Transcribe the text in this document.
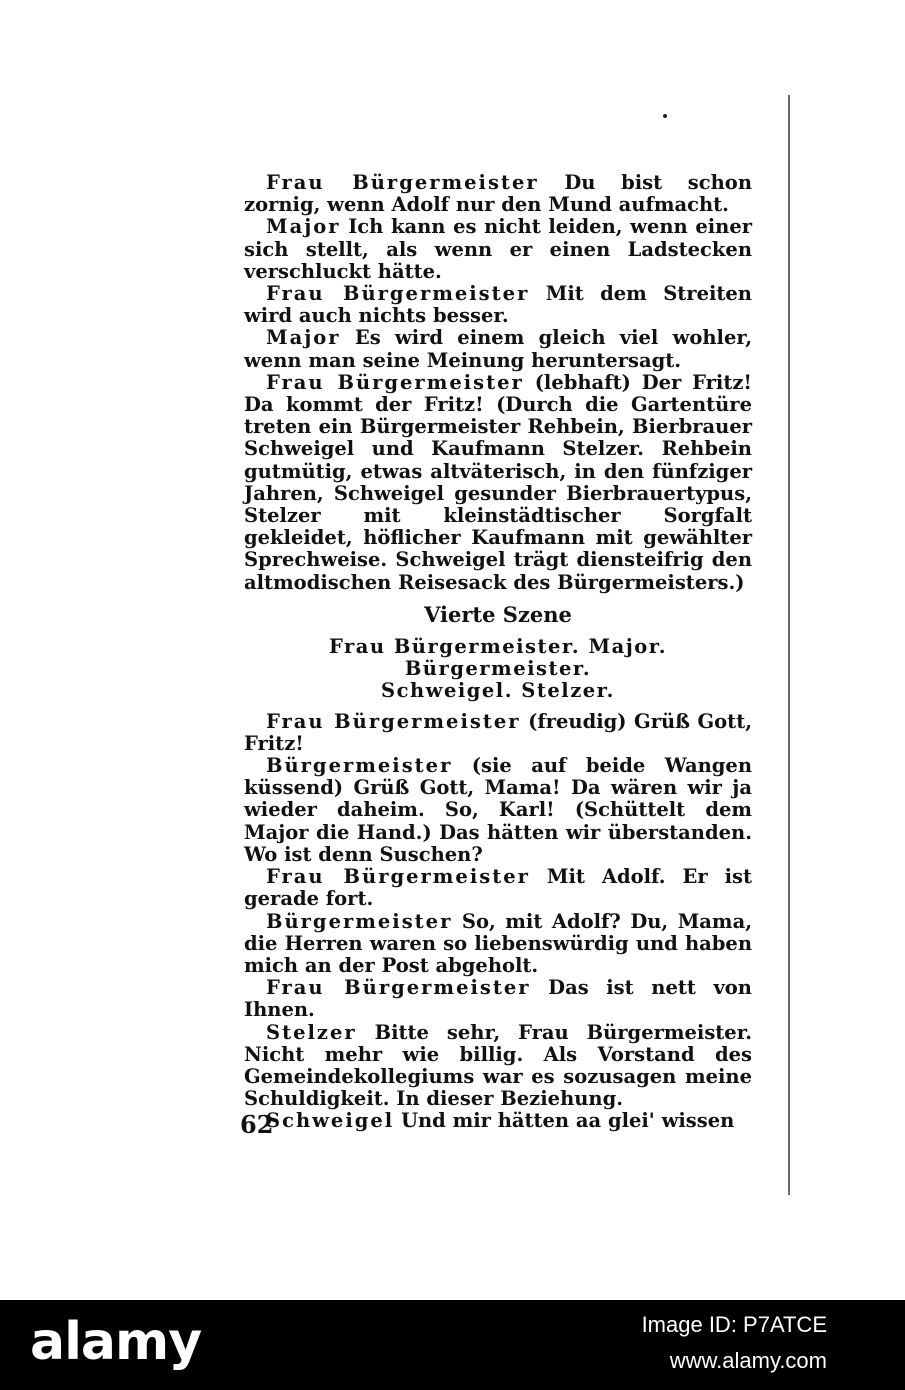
Frau Bürgermeister Du bist schon zornig, wenn Adolf nur den Mund aufmacht.

Major Ich kann es nicht leiden, wenn einer sich stellt, als wenn er einen Ladstecken verschluckt hätte.

Frau Bürgermeister Mit dem Streiten wird auch nichts besser.

Major Es wird einem gleich viel wohler, wenn man seine Meinung heruntersagt.

Frau Bürgermeister (lebhaft) Der Fritz! Da kommt der Fritz! (Durch die Gartentüre treten ein Bürgermeister Rehbein, Bierbrauer Schweigel und Kaufmann Stelzer. Rehbein gutmütig, etwas altväterisch, in den fünfziger Jahren, Schweigel gesunder Bierbrauertypus, Stelzer mit kleinstädtischer Sorgfalt gekleidet, höflicher Kaufmann mit gewählter Sprechweise. Schweigel trägt diensteifrig den altmodischen Reisesack des Bürgermeisters.)

Vierte Szene
Frau Bürgermeister. Major. Bürgermeister.
Schweigel. Stelzer.

Frau Bürgermeister (freudig) Grüß Gott, Fritz!

Bürgermeister (sie auf beide Wangen küssend) Grüß Gott, Mama! Da wären wir ja wieder daheim. So, Karl! (Schüttelt dem Major die Hand.) Das hätten wir überstanden. Wo ist denn Suschen?

Frau Bürgermeister Mit Adolf. Er ist gerade fort.

Bürgermeister So, mit Adolf? Du, Mama, die Herren waren so liebenswürdig und haben mich an der Post abgeholt.

Frau Bürgermeister Das ist nett von Ihnen.

Stelzer Bitte sehr, Frau Bürgermeister. Nicht mehr wie billig. Als Vorstand des Gemeindekollegiums war es sozusagen meine Schuldigkeit. In dieser Beziehung.

Schweigel Und mir hätten aa glei' wissen

62
alamy	Image ID: P7ATCE
www.alamy.com
